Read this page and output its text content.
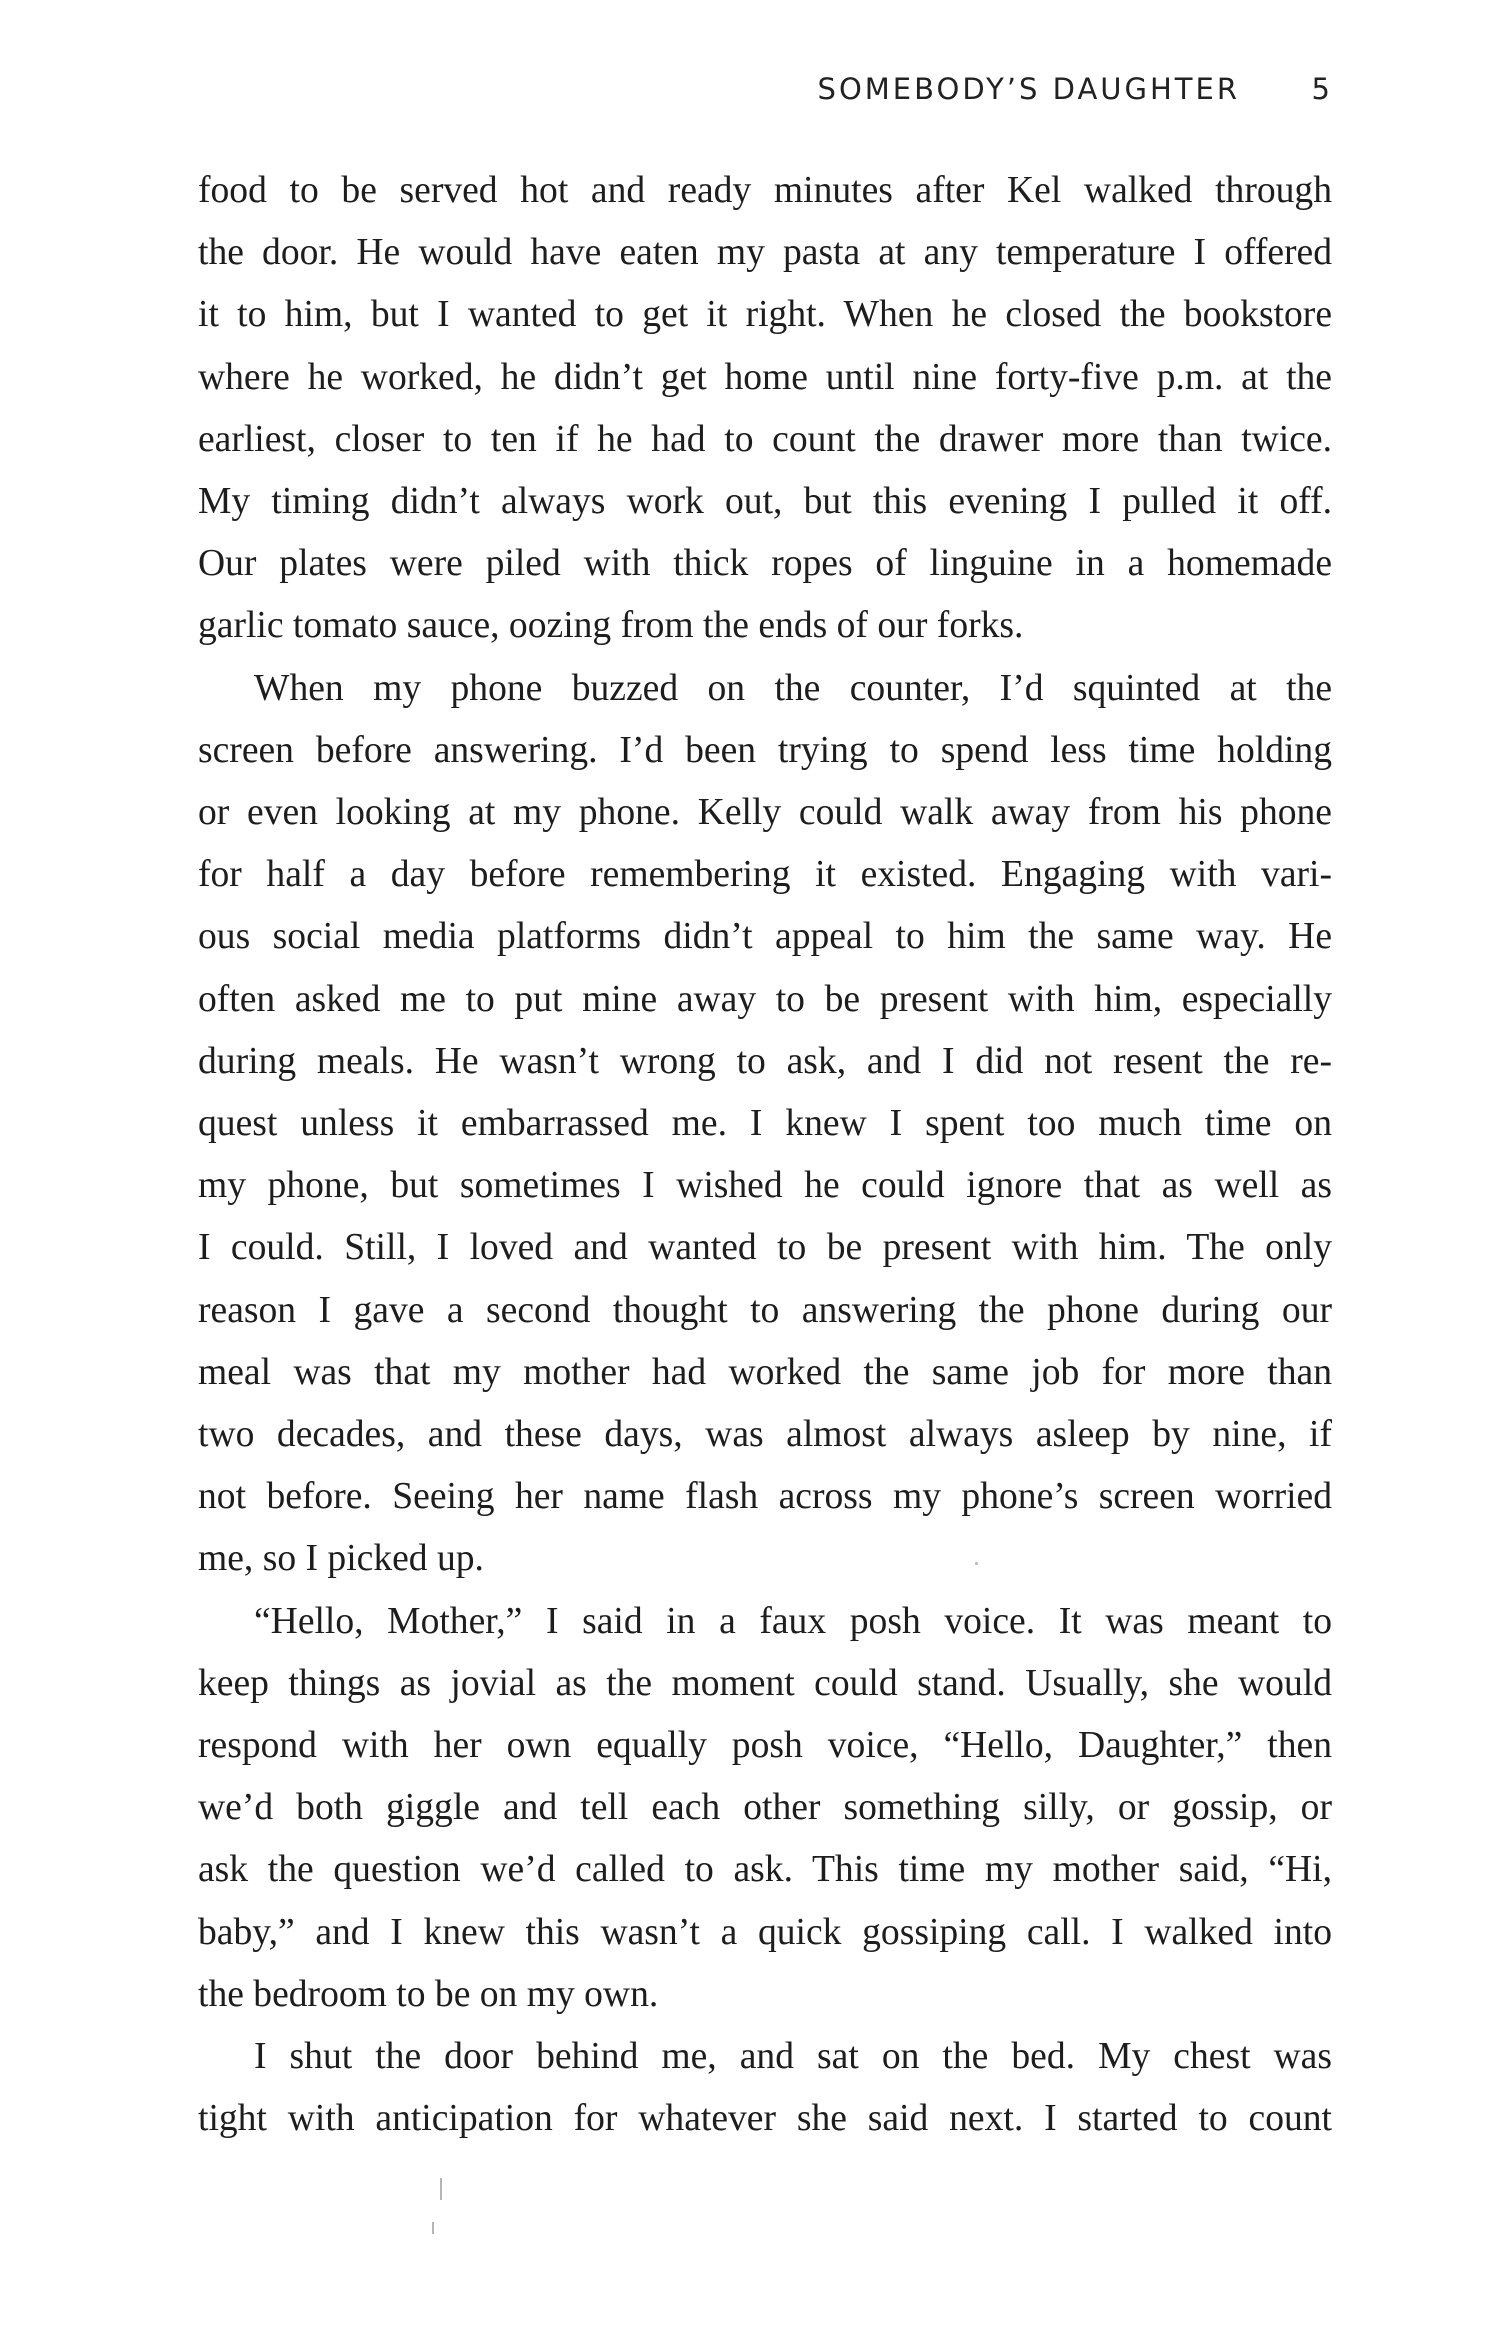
SOMEBODY’S DAUGHTER 5
food to be served hot and ready minutes after Kel walked through
the door. He would have eaten my pasta at any temperature I offered
it to him, but I wanted to get it right. When he closed the bookstore
where he worked, he didn’t get home until nine forty-five p.m. at the
earliest, closer to ten if he had to count the drawer more than twice.
My timing didn’t always work out, but this evening I pulled it off.
Our plates were piled with thick ropes of linguine in a homemade
garlic tomato sauce, oozing from the ends of our forks.
When my phone buzzed on the counter, I’d squinted at the
screen before answering. I’d been trying to spend less time holding
or even looking at my phone. Kelly could walk away from his phone
for half a day before remembering it existed. Engaging with vari-
ous social media platforms didn’t appeal to him the same way. He
often asked me to put mine away to be present with him, especially
during meals. He wasn’t wrong to ask, and I did not resent the re-
quest unless it embarrassed me. I knew I spent too much time on
my phone, but sometimes I wished he could ignore that as well as
I could. Still, I loved and wanted to be present with him. The only
reason I gave a second thought to answering the phone during our
meal was that my mother had worked the same job for more than
two decades, and these days, was almost always asleep by nine, if
not before. Seeing her name flash across my phone’s screen worried
me, so I picked up.
“Hello, Mother,” I said in a faux posh voice. It was meant to
keep things as jovial as the moment could stand. Usually, she would
respond with her own equally posh voice, “Hello, Daughter,” then
we’d both giggle and tell each other something silly, or gossip, or
ask the question we’d called to ask. This time my mother said, “Hi,
baby,” and I knew this wasn’t a quick gossiping call. I walked into
the bedroom to be on my own.
I shut the door behind me, and sat on the bed. My chest was
tight with anticipation for whatever she said next. I started to count
